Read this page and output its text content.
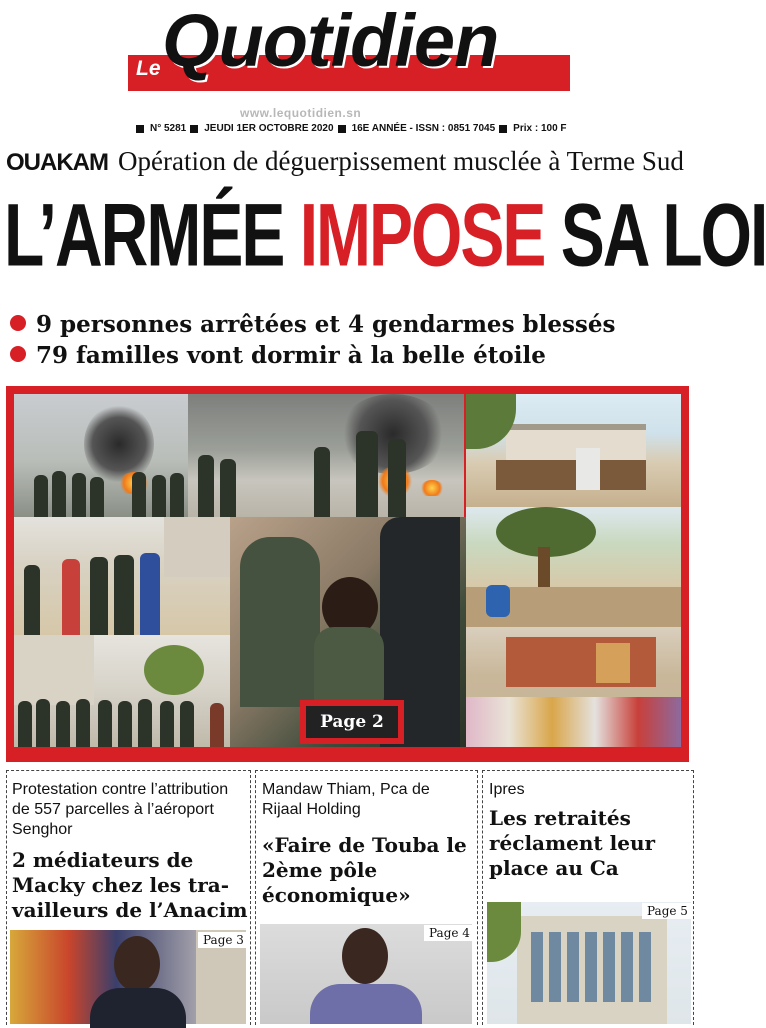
Le Quotidien
www.lequotidien.sn
N° 5281 JEUDI 1ER OCTOBRE 2020 16E ANNÉE - ISSN : 0851 7045 Prix : 100 F
OUAKAM Opération de déguerpissement musclée à Terme Sud
L’ARMÉE IMPOSE SA LOI
9 personnes arrêtées et 4 gendarmes blessés
79 familles vont dormir à la belle étoile
Page 2
Protestation contre l’attribution de 557 parcelles à l’aéroport Senghor
2 médiateurs de Macky chez les tra-vailleurs de l’Anacim
Page 3
Mandaw Thiam, Pca de Rijaal Holding
«Faire de Touba le 2ème pôle économique»
Page 4
Ipres
Les retraités réclament leur place au Ca
Page 5
